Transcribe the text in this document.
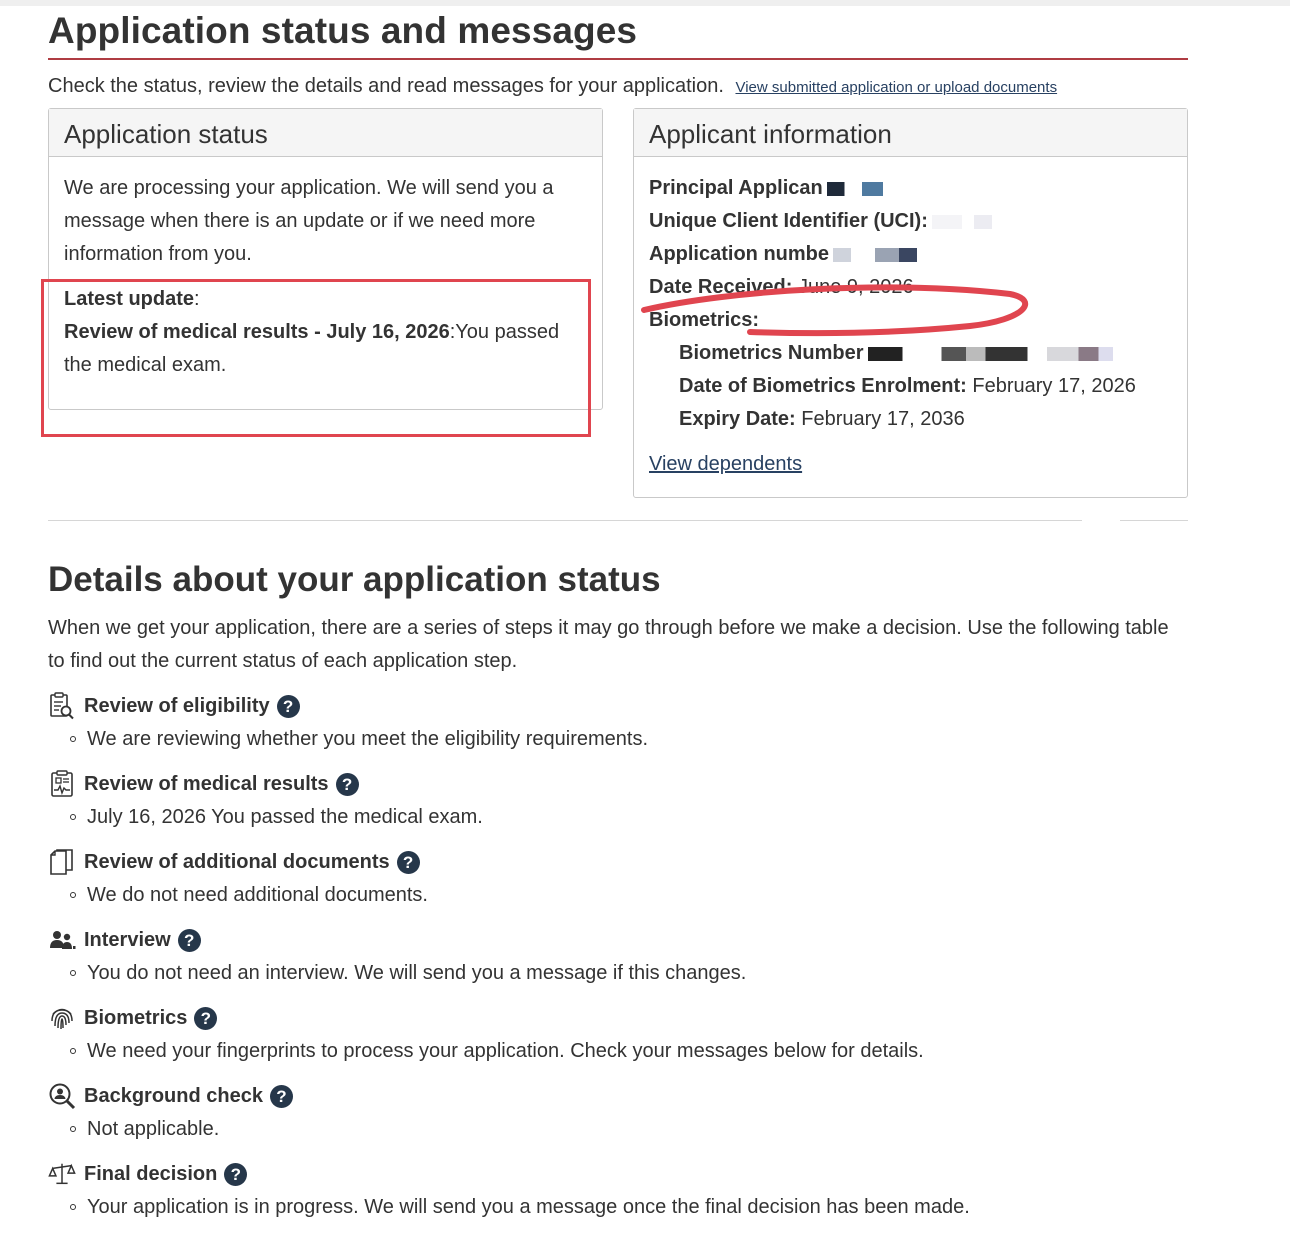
Application status and messages
Check the status, review the details and read messages for your application. View submitted application or upload documents
Application status
We are processing your application. We will send you a message when there is an update or if we need more information from you.
Latest update:
Review of medical results - July 16, 2026:You passed the medical exam.
Applicant information
Principal Applican
Unique Client Identifier (UCI):
Application numbe
Date Received: June 9, 2026
Biometrics:
Biometrics Number
Date of Biometrics Enrolment: February 17, 2026
Expiry Date: February 17, 2036
View dependents
Details about your application status
When we get your application, there are a series of steps it may go through before we make a decision. Use the following table to find out the current status of each application step.
Review of eligibility ?
We are reviewing whether you meet the eligibility requirements.
Review of medical results ?
July 16, 2026 You passed the medical exam.
Review of additional documents ?
We do not need additional documents.
Interview ?
You do not need an interview. We will send you a message if this changes.
Biometrics ?
We need your fingerprints to process your application. Check your messages below for details.
Background check ?
Not applicable.
Final decision ?
Your application is in progress. We will send you a message once the final decision has been made.
